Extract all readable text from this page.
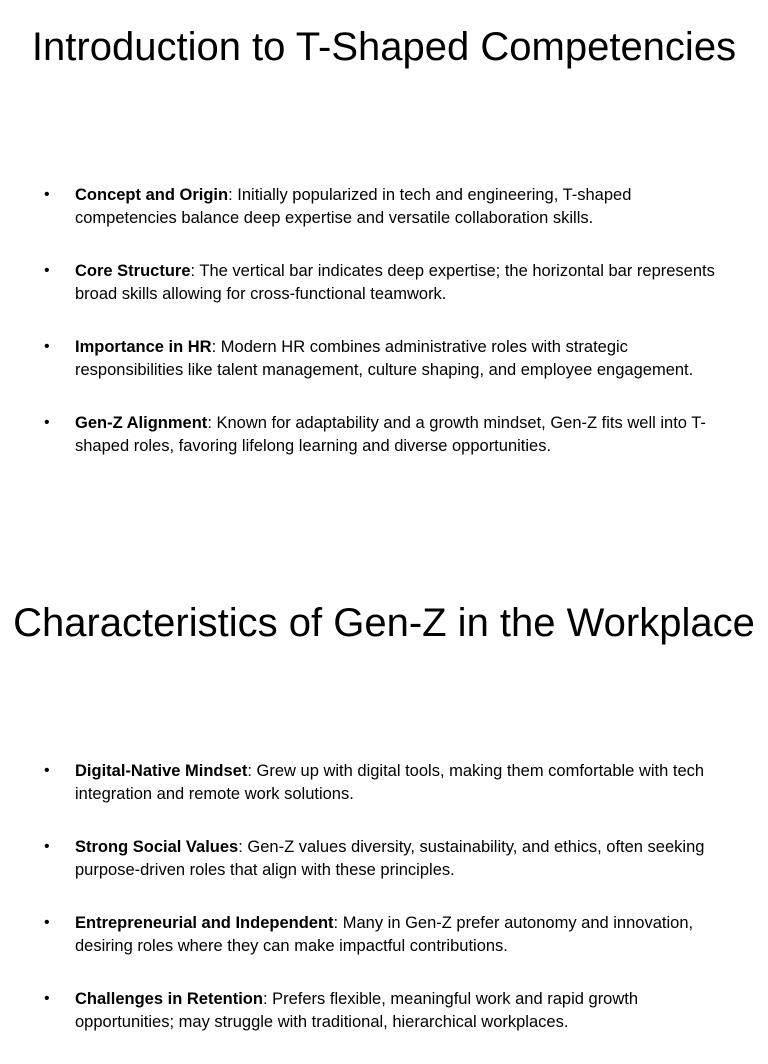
Introduction to T-Shaped Competencies
• Concept and Origin: Initially popularized in tech and engineering, T-shaped competencies balance deep expertise and versatile collaboration skills.
• Core Structure: The vertical bar indicates deep expertise; the horizontal bar represents broad skills allowing for cross-functional teamwork.
• Importance in HR: Modern HR combines administrative roles with strategic responsibilities like talent management, culture shaping, and employee engagement.
• Gen-Z Alignment: Known for adaptability and a growth mindset, Gen-Z fits well into T-shaped roles, favoring lifelong learning and diverse opportunities.
Characteristics of Gen-Z in the Workplace
• Digital-Native Mindset: Grew up with digital tools, making them comfortable with tech integration and remote work solutions.
• Strong Social Values: Gen-Z values diversity, sustainability, and ethics, often seeking purpose-driven roles that align with these principles.
• Entrepreneurial and Independent: Many in Gen-Z prefer autonomy and innovation, desiring roles where they can make impactful contributions.
• Challenges in Retention: Prefers flexible, meaningful work and rapid growth opportunities; may struggle with traditional, hierarchical workplaces.
